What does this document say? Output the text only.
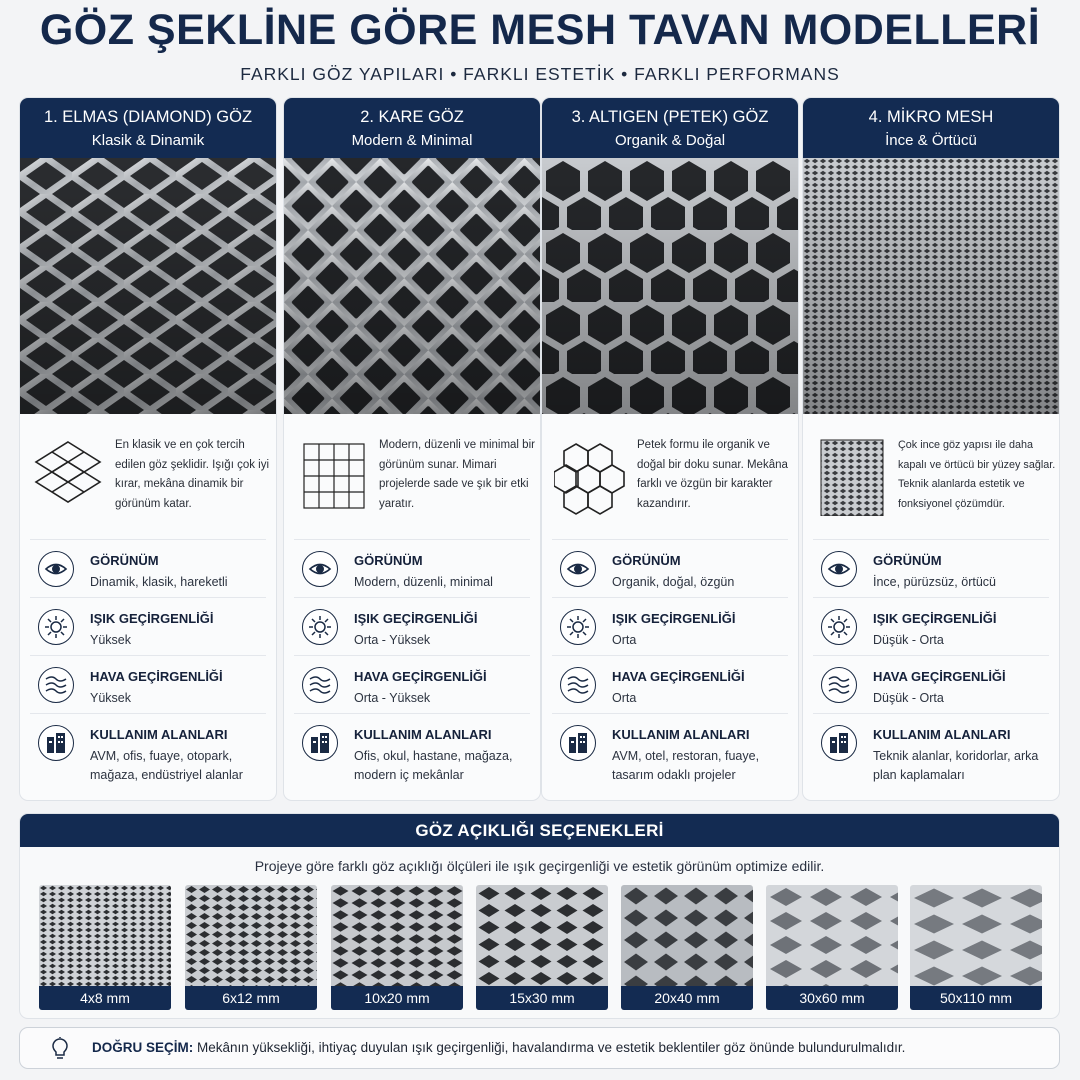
GÖZ ŞEKLİNE GÖRE MESH TAVAN MODELLERİ
FARKLI GÖZ YAPILARI • FARKLI ESTETİK • FARKLI PERFORMANS
1. ELMAS (DIAMOND) GÖZ
Klasik & Dinamik
En klasik ve en çok tercih edilen göz şeklidir. Işığı çok iyi kırar, mekâna dinamik bir görünüm katar.
GÖRÜNÜM
Dinamik, klasik, hareketli
IŞIK GEÇİRGENLİĞİ
Yüksek
HAVA GEÇİRGENLİĞİ
Yüksek
KULLANIM ALANLARI
AVM, ofis, fuaye, otopark, mağaza, endüstriyel alanlar
2. KARE GÖZ
Modern & Minimal
Modern, düzenli ve minimal bir görünüm sunar. Mimari projelerde sade ve şık bir etki yaratır.
GÖRÜNÜM
Modern, düzenli, minimal
IŞIK GEÇİRGENLİĞİ
Orta - Yüksek
HAVA GEÇİRGENLİĞİ
Orta - Yüksek
KULLANIM ALANLARI
Ofis, okul, hastane, mağaza, modern iç mekânlar
3. ALTIGEN (PETEK) GÖZ
Organik & Doğal
Petek formu ile organik ve doğal bir doku sunar. Mekâna farklı ve özgün bir karakter kazandırır.
GÖRÜNÜM
Organik, doğal, özgün
IŞIK GEÇİRGENLİĞİ
Orta
HAVA GEÇİRGENLİĞİ
Orta
KULLANIM ALANLARI
AVM, otel, restoran, fuaye, tasarım odaklı projeler
4. MİKRO MESH
İnce & Örtücü
Çok ince göz yapısı ile daha kapalı ve örtücü bir yüzey sağlar. Teknik alanlarda estetik ve fonksiyonel çözümdür.
GÖRÜNÜM
İnce, pürüzsüz, örtücü
IŞIK GEÇİRGENLİĞİ
Düşük - Orta
HAVA GEÇİRGENLİĞİ
Düşük - Orta
KULLANIM ALANLARI
Teknik alanlar, koridorlar, arka plan kaplamaları
GÖZ AÇIKLIĞI SEÇENEKLERİ
Projeye göre farklı göz açıklığı ölçüleri ile ışık geçirgenliği ve estetik görünüm optimize edilir.
4x8 mm	6x12 mm	10x20 mm	15x30 mm	20x40 mm	30x60 mm	50x110 mm
DOĞRU SEÇİM: Mekânın yüksekliği, ihtiyaç duyulan ışık geçirgenliği, havalandırma ve estetik beklentiler göz önünde bulundurulmalıdır.
